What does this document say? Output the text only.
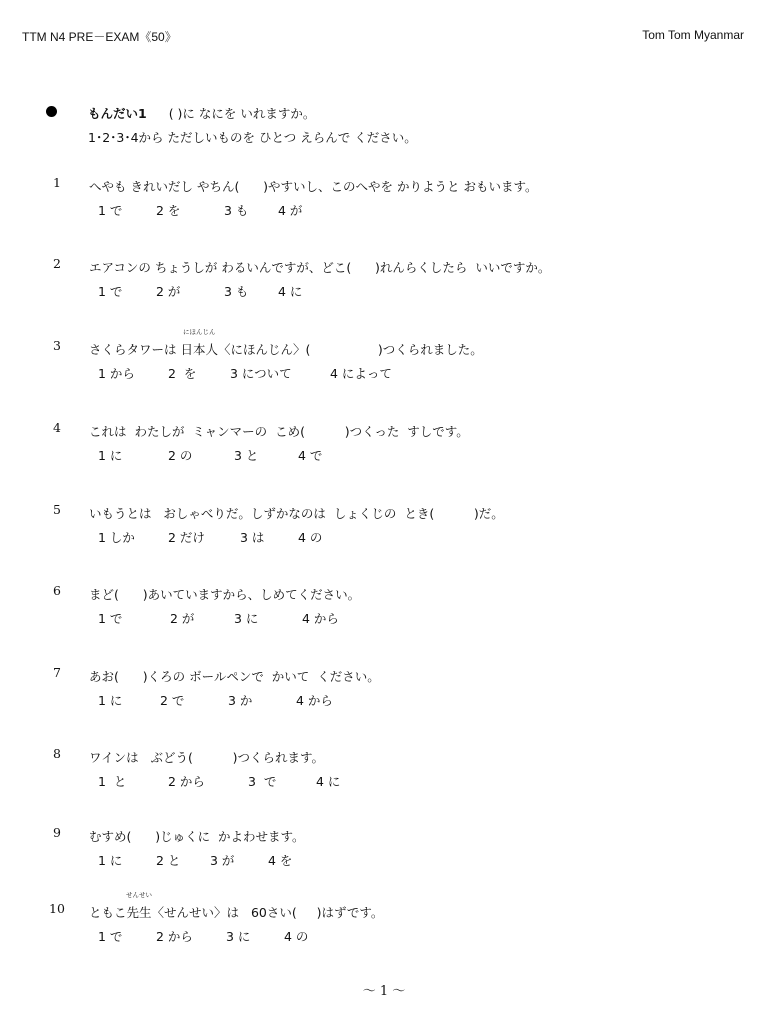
TTM N4 PRE－EXAM《50》	Tom Tom Myanmar
もんだい1 ( )に なにを いれますか。
1･2･3･4から ただしいものを ひとつ えらんで ください。
1	へやも きれいだし やちん(      )やすいし、このへやを かりようと おもいます。
1 で	2 を	3 も 4 が
2	エアコンの ちょうしが わるいんですが、どこ(      )れんらくしたら  いいですか。
1 で	2 が	3 も 4 に
3	さくらタワーは
にほんじん
日本人〈にほんじん〉(                 )つくられました。
1 から	2  を	3 について	4 によって
4	これは  わたしが  ミャンマーの  こめ(          )つくった  すしです。
1 に	2 の	3 と	4 で
5	いもうとは   おしゃべりだ。しずかなのは  しょくじの  とき(          )だ。
1 しか	2 だけ	3 は	4 の
6	まど(      )あいていますから、しめてください。
1 で	2 が	3 に	4 から
7	あお(      )くろの ボールペンで  かいて  ください。
1 に	2 で	3 か	4 から
8	ワインは   ぶどう(          )つくられます。
1  と	2 から	3  で	4 に
9	むすめ(      )じゅくに  かよわせます。
1 に	2 と 3 が	4 を
10	ともこ
せんせい
先生〈せんせい〉は   60さい(     )はずです。
1 で	2 から	3 に	4 の
～ 1 ～
